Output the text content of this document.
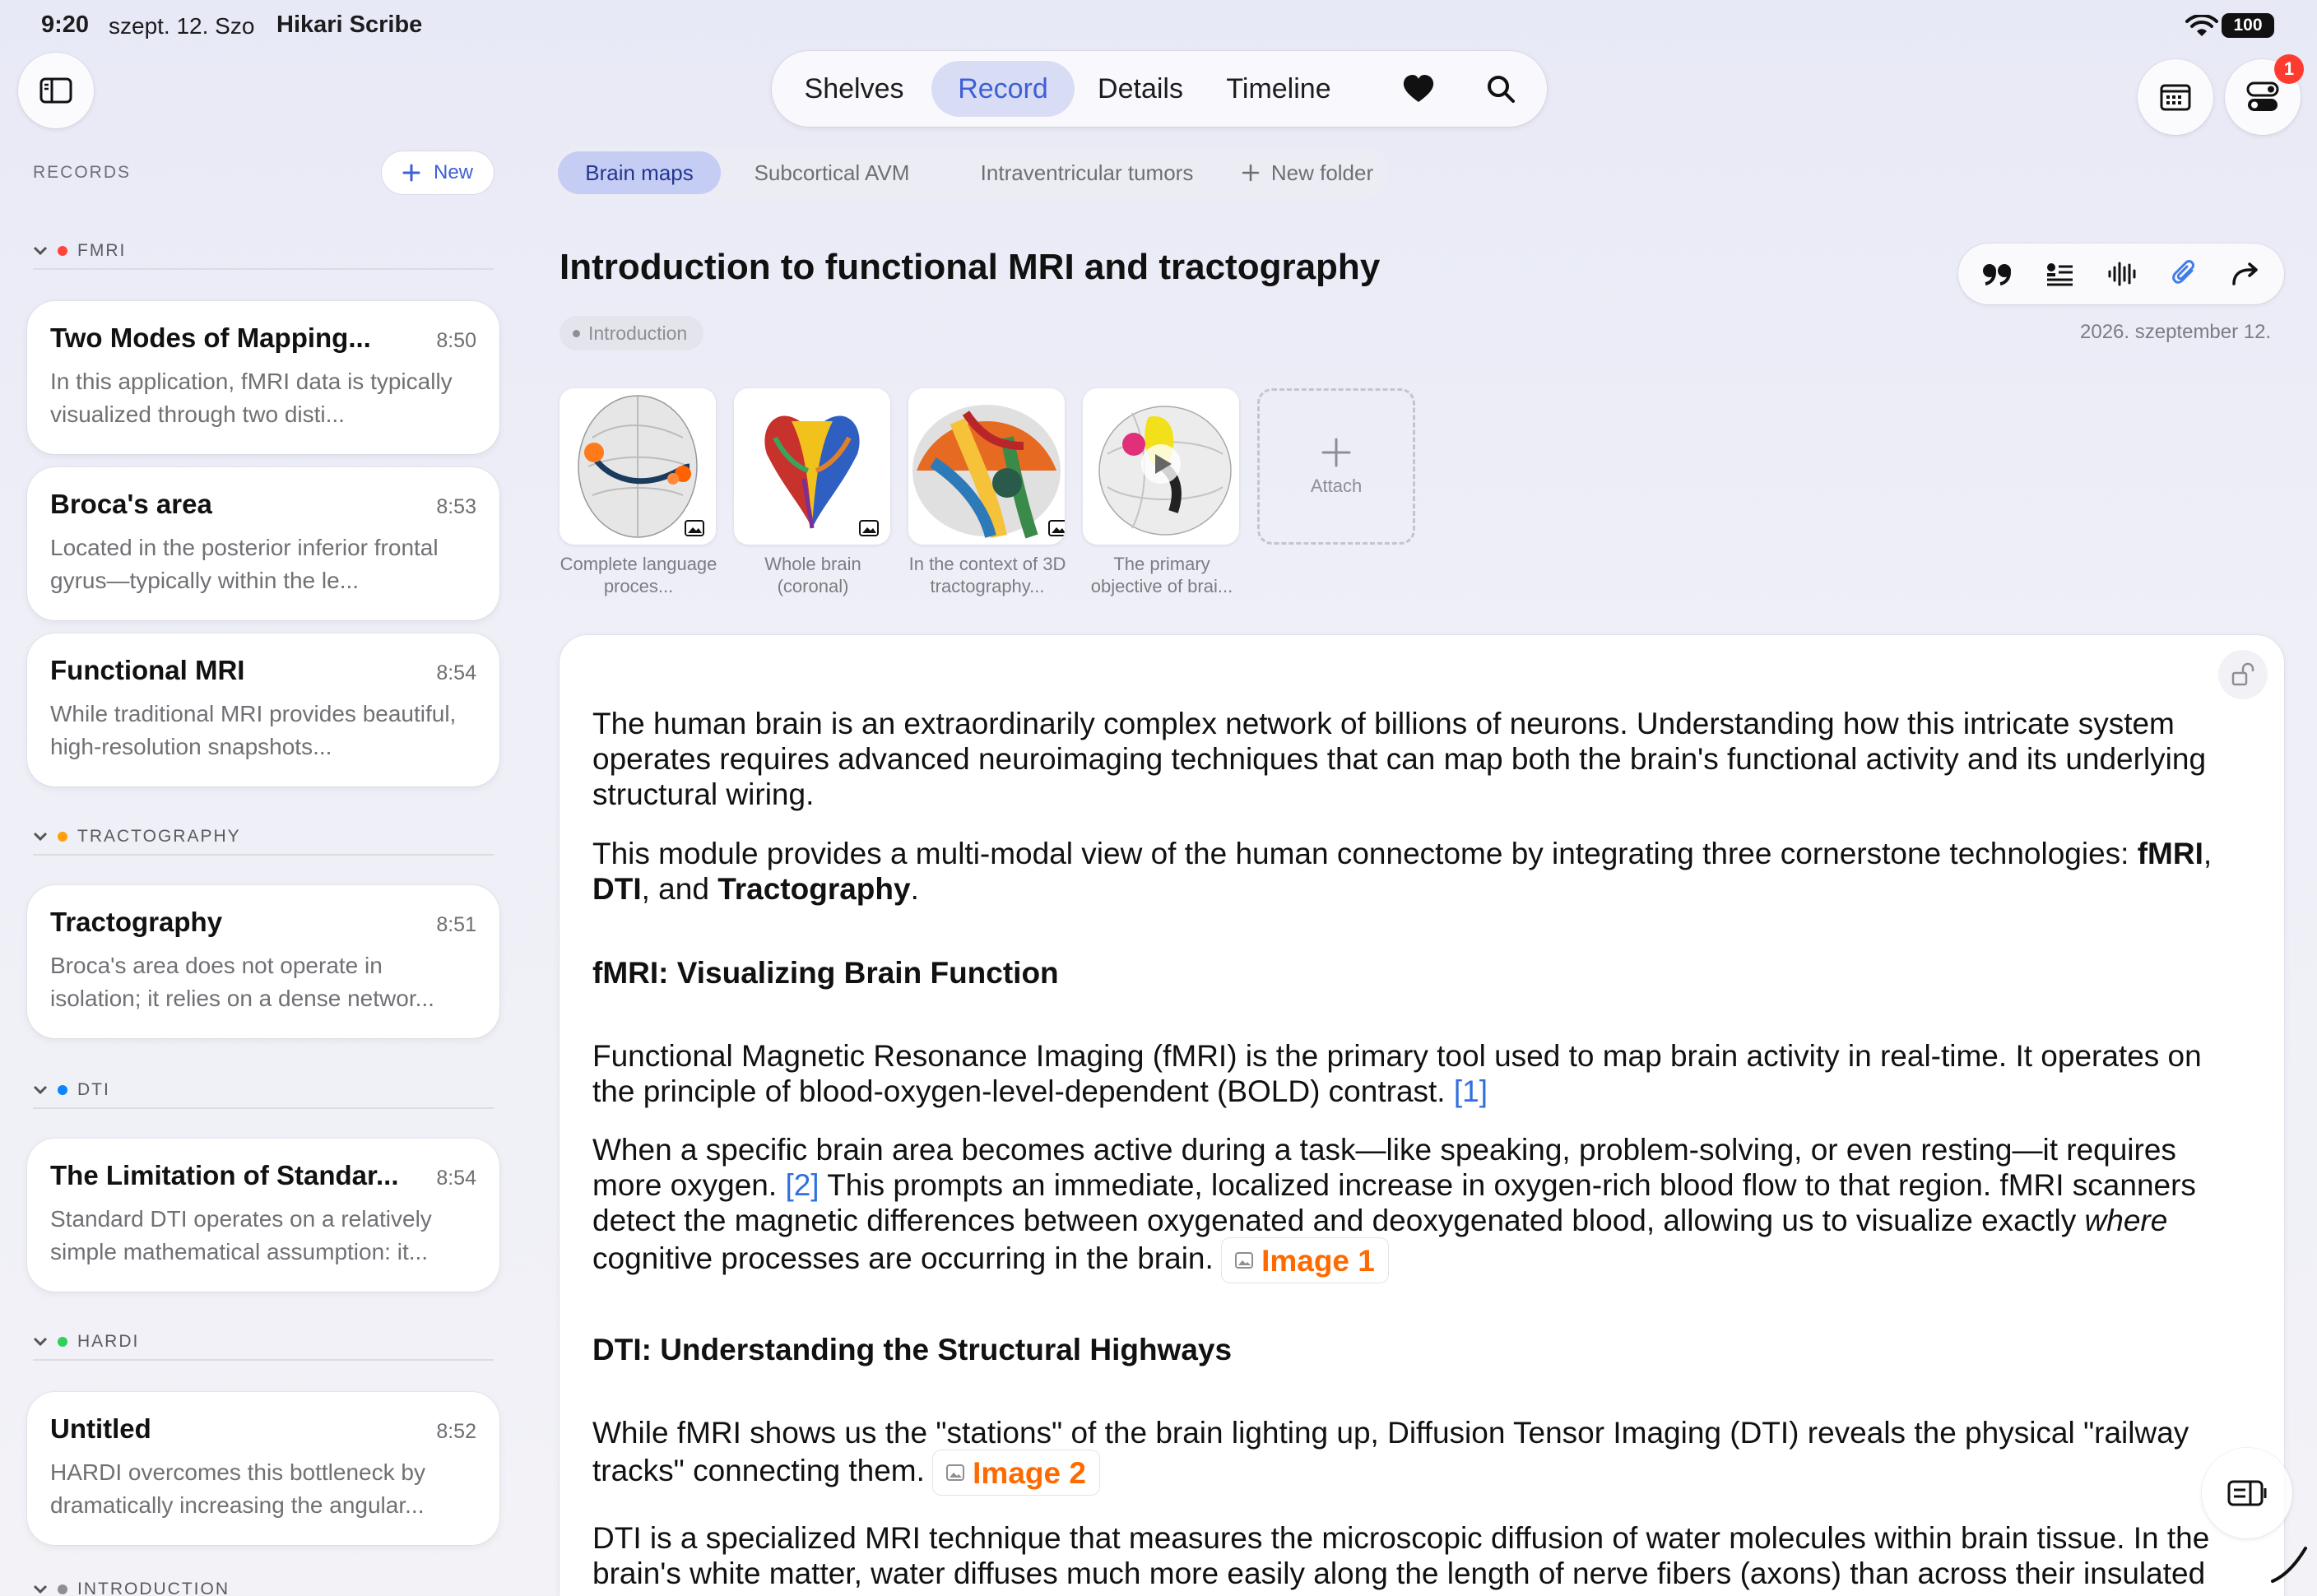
9:20 szept. 12. Szo Hikari Scribe	100
Shelves	Record	Details	Timeline
1
RECORDS	New
FMRI
Two Modes of Mapping...	8:50
In this application, fMRI data is typically visualized through two disti...
Broca's area	8:53
Located in the posterior inferior frontal gyrus—typically within the le...
Functional MRI	8:54
While traditional MRI provides beautiful, high-resolution snapshots...
TRACTOGRAPHY
Tractography	8:51
Broca's area does not operate in isolation; it relies on a dense networ...
DTI
The Limitation of Standar...	8:54
Standard DTI operates on a relatively simple mathematical assumption: it...
HARDI
Untitled	8:52
HARDI overcomes this bottleneck by dramatically increasing the angular...
INTRODUCTION
Brain maps	Subcortical AVM	Intraventricular tumors	New folder
Introduction to functional MRI and tractography
Introduction	2026. szeptember 12.
Complete language proces...
Whole brain (coronal)
In the context of 3D tractography...
The primary objective of brai...
Attach
The human brain is an extraordinarily complex network of billions of neurons. Understanding how this intricate system operates requires advanced neuroimaging techniques that can map both the brain's functional activity and its underlying structural wiring.
This module provides a multi-modal view of the human connectome by integrating three cornerstone technologies: fMRI, DTI, and Tractography.
fMRI: Visualizing Brain Function
Functional Magnetic Resonance Imaging (fMRI) is the primary tool used to map brain activity in real-time. It operates on the principle of blood-oxygen-level-dependent (BOLD) contrast. [1]
When a specific brain area becomes active during a task—like speaking, problem-solving, or even resting—it requires more oxygen. [2] This prompts an immediate, localized increase in oxygen-rich blood flow to that region. fMRI scanners detect the magnetic differences between oxygenated and deoxygenated blood, allowing us to visualize exactly where cognitive processes are occurring in the brain. Image 1
DTI: Understanding the Structural Highways
While fMRI shows us the "stations" of the brain lighting up, Diffusion Tensor Imaging (DTI) reveals the physical "railway tracks" connecting them. Image 2
DTI is a specialized MRI technique that measures the microscopic diffusion of water molecules within brain tissue. In the brain's white matter, water diffuses much more easily along the length of nerve fibers (axons) than across their insulated
